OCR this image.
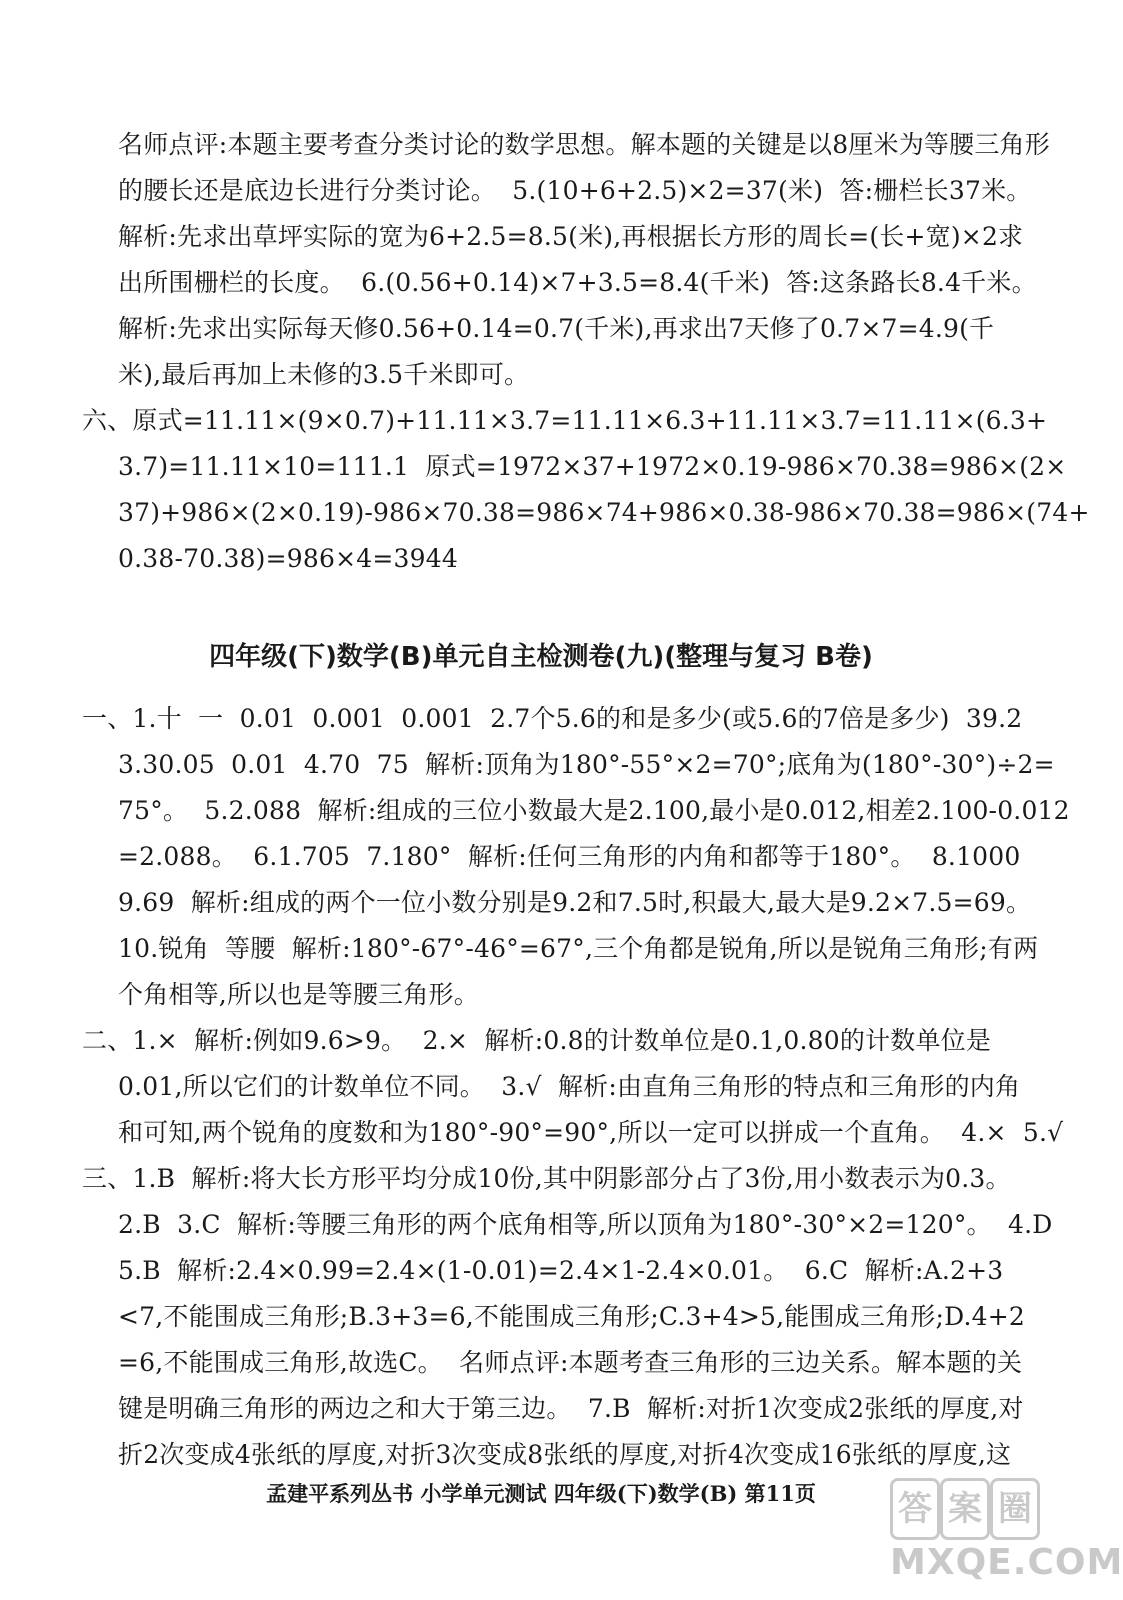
名师点评:本题主要考查分类讨论的数学思想。解本题的关键是以8厘米为等腰三角形
的腰长还是底边长进行分类讨论。  5.(10+6+2.5)×2=37(米)  答:栅栏长37米。
解析:先求出草坪实际的宽为6+2.5=8.5(米),再根据长方形的周长=(长+宽)×2求
出所围栅栏的长度。  6.(0.56+0.14)×7+3.5=8.4(千米)  答:这条路长8.4千米。
解析:先求出实际每天修0.56+0.14=0.7(千米),再求出7天修了0.7×7=4.9(千
米),最后再加上未修的3.5千米即可。
六、原式=11.11×(9×0.7)+11.11×3.7=11.11×6.3+11.11×3.7=11.11×(6.3+
3.7)=11.11×10=111.1  原式=1972×37+1972×0.19-986×70.38=986×(2×
37)+986×(2×0.19)-986×70.38=986×74+986×0.38-986×70.38=986×(74+
0.38-70.38)=986×4=3944
四年级(下)数学(B)单元自主检测卷(九)(整理与复习 B卷)
一、1.十  一  0.01  0.001  0.001  2.7个5.6的和是多少(或5.6的7倍是多少)  39.2
3.30.05  0.01  4.70  75  解析:顶角为180°-55°×2=70°;底角为(180°-30°)÷2=
75°。  5.2.088  解析:组成的三位小数最大是2.100,最小是0.012,相差2.100-0.012
=2.088。  6.1.705  7.180°  解析:任何三角形的内角和都等于180°。  8.1000
9.69  解析:组成的两个一位小数分别是9.2和7.5时,积最大,最大是9.2×7.5=69。
10.锐角  等腰  解析:180°-67°-46°=67°,三个角都是锐角,所以是锐角三角形;有两
个角相等,所以也是等腰三角形。
二、1.×  解析:例如9.6>9。  2.×  解析:0.8的计数单位是0.1,0.80的计数单位是
0.01,所以它们的计数单位不同。  3.√  解析:由直角三角形的特点和三角形的内角
和可知,两个锐角的度数和为180°-90°=90°,所以一定可以拼成一个直角。  4.×  5.√
三、1.B  解析:将大长方形平均分成10份,其中阴影部分占了3份,用小数表示为0.3。
2.B  3.C  解析:等腰三角形的两个底角相等,所以顶角为180°-30°×2=120°。  4.D
5.B  解析:2.4×0.99=2.4×(1-0.01)=2.4×1-2.4×0.01。  6.C  解析:A.2+3
<7,不能围成三角形;B.3+3=6,不能围成三角形;C.3+4>5,能围成三角形;D.4+2
=6,不能围成三角形,故选C。  名师点评:本题考查三角形的三边关系。解本题的关
键是明确三角形的两边之和大于第三边。  7.B  解析:对折1次变成2张纸的厚度,对
折2次变成4张纸的厚度,对折3次变成8张纸的厚度,对折4次变成16张纸的厚度,这
孟建平系列丛书 小学单元测试 四年级(下)数学(B) 第11页	答 案 圈
MXQE.COM
